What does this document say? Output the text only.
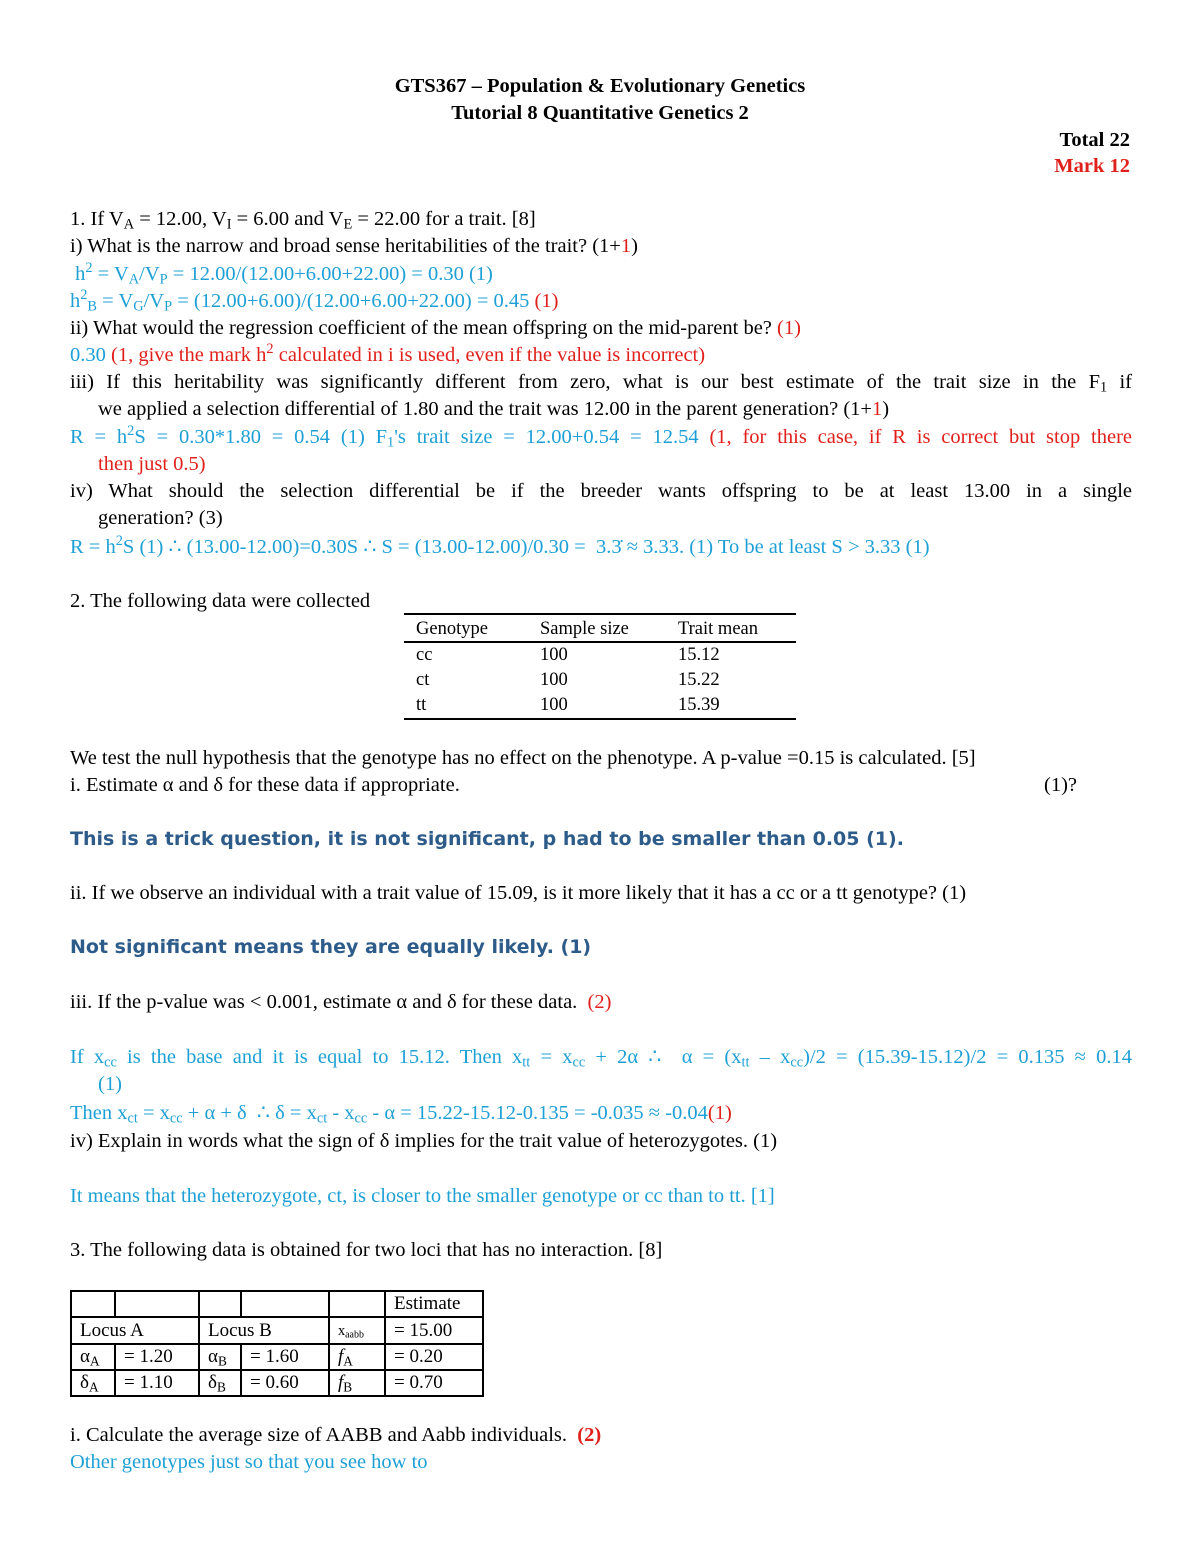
GTS367 – Population & Evolutionary Genetics
Tutorial 8 Quantitative Genetics 2
Total 22
Mark 12
1. If $V_A = 12.00$, $V_I = 6.00$ and $V_E = 22.00$ for a trait. [8]
i) What is the narrow and broad sense heritabilities of the trait? (1+1)
$h^2 = V_A/V_P = 12.00/(12.00+6.00+22.00) = 0.30$ (1)
$h^2_B = V_G/V_P = (12.00+6.00)/(12.00+6.00+22.00) = 0.45$ (1)
ii) What would the regression coefficient of the mean offspring on the mid-parent be? (1)
0.30 (1, give the mark $h^2$ calculated in i is used, even if the value is incorrect)
iii) If this heritability was significantly different from zero, what is our best estimate of the trait size in the $F_1$ if
we applied a selection differential of 1.80 and the trait was 12.00 in the parent generation? (1+1)
$R = h^2S = 0.30*1.80 = 0.54$ (1) $F_1's$ trait size = 12.00+0.54 = 12.54 (1, for this case, if R is correct but stop there
then just 0.5)
iv) What should the selection differential be if the breeder wants offspring to be at least 13.00 in a single
generation? (3)
$R = h^2S$ (1) ∴ (13.00-12.00)=0.30S ∴ S = (13.00-12.00)/0.30 =  3.3̇ ≈ 3.33. (1) To be at least S > 3.33 (1)
2. The following data were collected
Genotype	Sample size	Trait mean
cc	100	15.12
ct	100	15.22
tt	100	15.39
We test the null hypothesis that the genotype has no effect on the phenotype. A p-value =0.15 is calculated. [5]
i. Estimate α and δ for these data if appropriate.	(1)?
This is a trick question, it is not significant, p had to be smaller than 0.05 (1).
ii. If we observe an individual with a trait value of 15.09, is it more likely that it has a cc or a tt genotype? (1)
Not significant means they are equally likely. (1)
iii. If the p-value was < 0.001, estimate α and δ for these data. (2)
If $x_{cc}$ is the base and it is equal to 15.12. Then $x_{tt} = x_{cc} + 2\alpha$ ∴  $\alpha = (x_{tt} - x_{cc})/2 = (15.39-15.12)/2 = 0.135 \approx 0.14$
(1)
Then $x_{ct} = x_{cc} + \alpha + \delta$  ∴ $\delta = x_{ct} - x_{cc} - \alpha = 15.22-15.12-0.135 = -0.035 \approx -0.04(1)$
iv) Explain in words what the sign of δ implies for the trait value of heterozygotes. (1)
It means that the heterozygote, ct, is closer to the smaller genotype or cc than to tt. [1]
3. The following data is obtained for two loci that has no interaction. [8]
					Estimate
Locus A		Locus B		$x_{aabb}$	= 15.00
$\alpha_A$	= 1.20	$\alpha_B$	= 1.60	$f_A$	= 0.20
$\delta_A$	= 1.10	$\delta_B$	= 0.60	$f_B$	= 0.70
i. Calculate the average size of AABB and Aabb individuals. (2)
Other genotypes just so that you see how to
